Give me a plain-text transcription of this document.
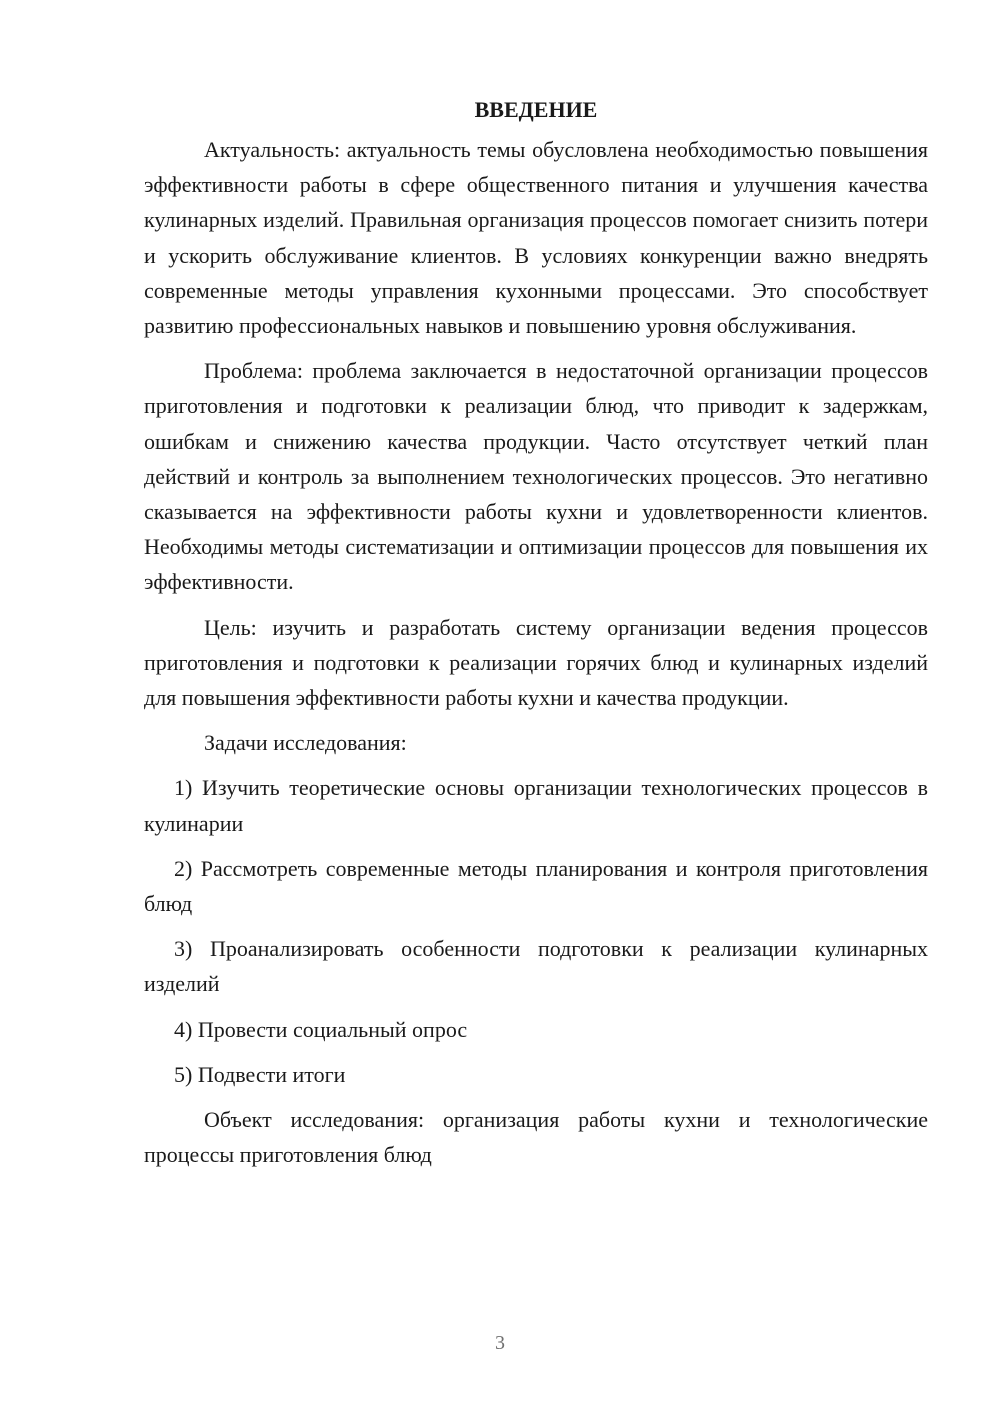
ВВЕДЕНИЕ

Актуальность: актуальность темы обусловлена необходимостью повышения эффективности работы в сфере общественного питания и улучшения качества кулинарных изделий. Правильная организация процессов помогает снизить потери и ускорить обслуживание клиентов. В условиях конкуренции важно внедрять современные методы управления кухонными процессами. Это способствует развитию профессиональных навыков и повышению уровня обслуживания.

Проблема: проблема заключается в недостаточной организации процессов приготовления и подготовки к реализации блюд, что приводит к задержкам, ошибкам и снижению качества продукции. Часто отсутствует четкий план действий и контроль за выполнением технологических процессов. Это негативно сказывается на эффективности работы кухни и удовлетворенности клиентов. Необходимы методы систематизации и оптимизации процессов для повышения их эффективности.

Цель: изучить и разработать систему организации ведения процессов приготовления и подготовки к реализации горячих блюд и кулинарных изделий для повышения эффективности работы кухни и качества продукции.

Задачи исследования:

1) Изучить теоретические основы организации технологических процессов в кулинарии

2) Рассмотреть современные методы планирования и контроля приготовления блюд

3) Проанализировать особенности подготовки к реализации кулинарных изделий

4) Провести социальный опрос

5) Подвести итоги

Объект исследования: организация работы кухни и технологические процессы приготовления блюд

3
